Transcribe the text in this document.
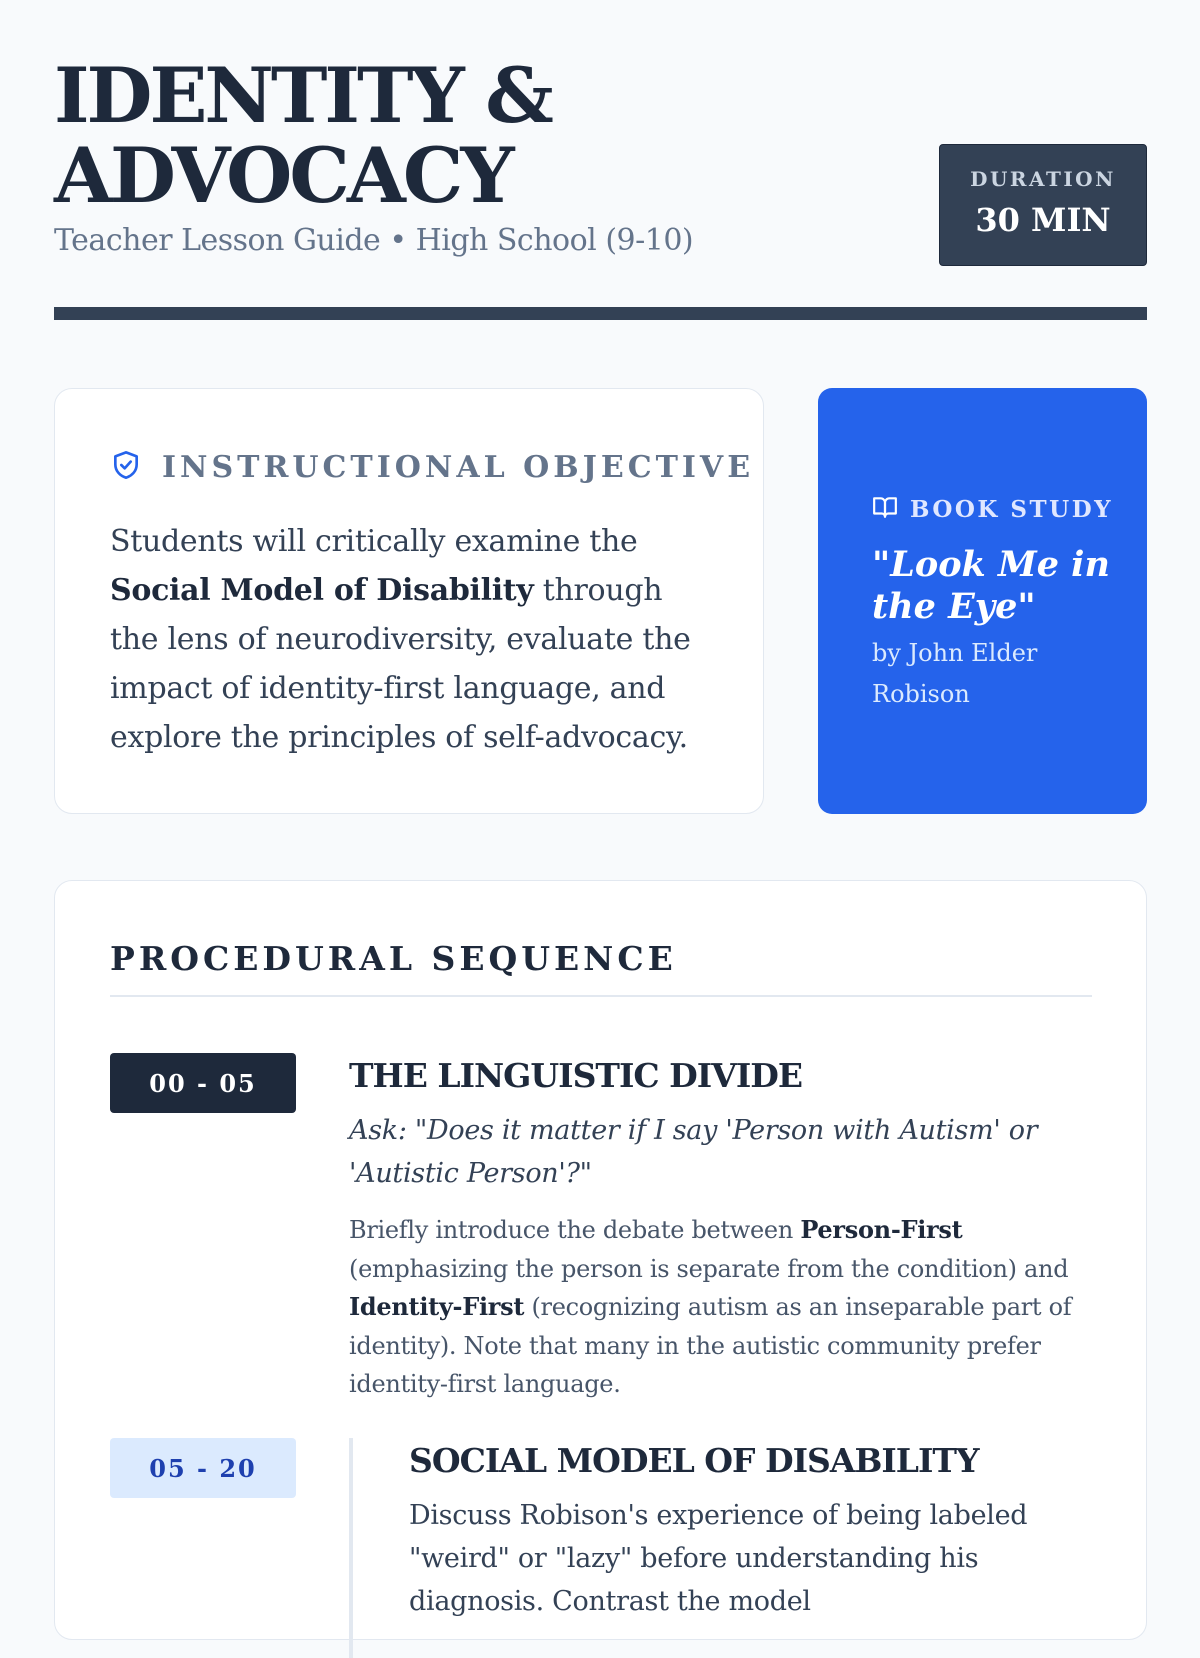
IDENTITY &
ADVOCACY
Teacher Lesson Guide • High School (9-10)
DURATION
30 MIN
INSTRUCTIONAL OBJECTIVE

Students will critically examine the Social Model of Disability through the lens of neurodiversity, evaluate the impact of identity-first language, and explore the principles of self-advocacy.

BOOK STUDY

"Look Me in the Eye"

by John Elder Robison
PROCEDURAL SEQUENCE
00 - 05	THE LINGUISTIC DIVIDE

Ask: "Does it matter if I say 'Person with Autism' or 'Autistic Person'?"

Briefly introduce the debate between Person-First (emphasizing the person is separate from the condition) and Identity-First (recognizing autism as an inseparable part of identity). Note that many in the autistic community prefer identity-first language.

05 - 20	SOCIAL MODEL OF DISABILITY

Discuss Robison's experience of being labeled "weird" or "lazy" before understanding his diagnosis. Contrast the model
